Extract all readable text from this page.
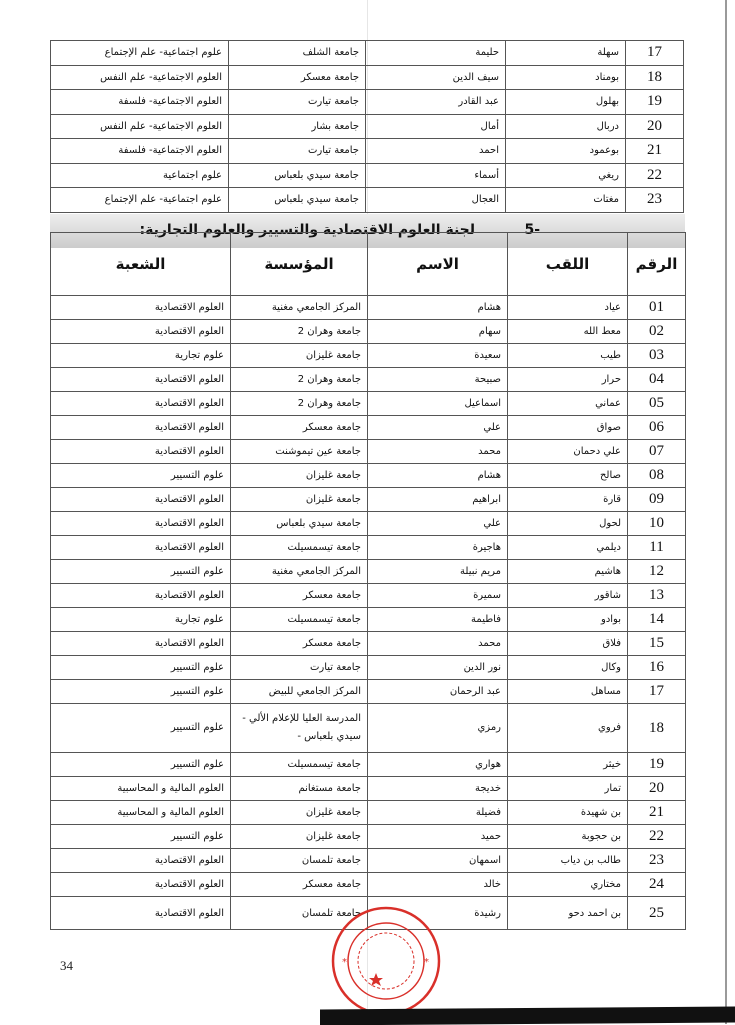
17	سهلة	حليمة	جامعة الشلف	علوم اجتماعية- علم الإجتماع
18	بومناد	سيف الدين	جامعة معسكر	العلوم الاجتماعية- علم النفس
19	بهلول	عبد القادر	جامعة تيارت	العلوم الاجتماعية- فلسفة
20	دربال	أمال	جامعة بشار	العلوم الاجتماعية- علم النفس
21	بوعمود	احمد	جامعة تيارت	العلوم الاجتماعية- فلسفة
22	ريغي	أسماء	جامعة سيدي بلعباس	علوم اجتماعية
23	مغتات	العجال	جامعة سيدي بلعباس	علوم اجتماعية- علم الإجتماع
-5
لجنة العلوم الاقتصادية والتسيير والعلوم التجارية:
الرقم	اللقب	الاسم	المؤسسة	الشعبة
01	عياد	هشام	المركز الجامعي مغنية	العلوم الاقتصادية
02	معط الله	سهام	جامعة وهران 2	العلوم الاقتصادية
03	طيب	سعيدة	جامعة غليزان	علوم تجارية
04	حرار	صبيحة	جامعة وهران 2	العلوم الاقتصادية
05	عماني	اسماعيل	جامعة وهران 2	العلوم الاقتصادية
06	صواق	علي	جامعة معسكر	العلوم الاقتصادية
07	علي دحمان	محمد	جامعة عين تيموشنت	العلوم الاقتصادية
08	صالح	هشام	جامعة غليزان	علوم التسيير
09	قارة	ابراهيم	جامعة غليزان	العلوم الاقتصادية
10	لحول	علي	جامعة سيدي بلعباس	العلوم الاقتصادية
11	ديلمي	هاجيرة	جامعة تيسمسيلت	العلوم الاقتصادية
12	هاشيم	مريم نبيلة	المركز الجامعي مغنية	علوم التسيير
13	شاقور	سميرة	جامعة معسكر	العلوم الاقتصادية
14	بوادو	فاطيمة	جامعة تيسمسيلت	علوم تجارية
15	فلاق	محمد	جامعة معسكر	العلوم الاقتصادية
16	وكال	نور الدين	جامعة تيارت	علوم التسيير
17	مساهل	عبد الرحمان	المركز الجامعي للبيض	علوم التسيير
18	فروي	رمزي	المدرسة العليا للإعلام الألي - سيدي بلعباس -	علوم التسيير
19	خيثر	هواري	جامعة تيسمسيلت	علوم التسيير
20	تمار	خديجة	جامعة مستغانم	العلوم المالية و المحاسبية
21	بن شهيدة	فضيلة	جامعة غليزان	العلوم المالية و المحاسبية
22	بن حجوبة	حميد	جامعة غليزان	علوم التسيير
23	طالب بن دياب	اسمهان	جامعة تلمسان	العلوم الاقتصادية
24	مختاري	خالد	جامعة معسكر	العلوم الاقتصادية
25	بن احمد دحو	رشيدة	جامعة تلمسان	العلوم الاقتصادية
34	*	*
